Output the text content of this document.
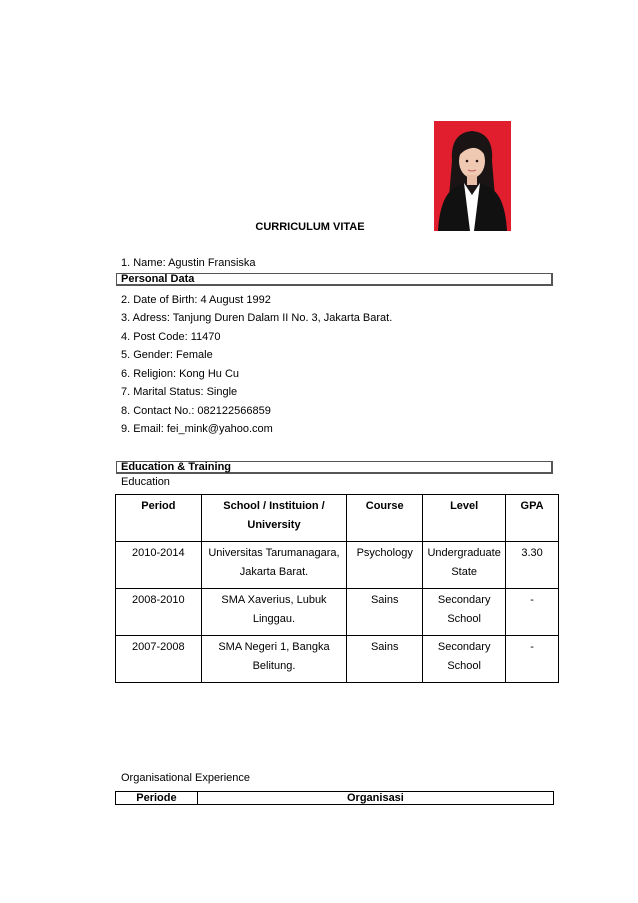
CURRICULUM VITAE
1. Name: Agustin Fransiska
Personal Data
2. Date of Birth: 4 August 1992
3. Adress: Tanjung Duren Dalam II No. 3, Jakarta Barat.
4. Post Code: 11470
5. Gender: Female
6. Religion: Kong Hu Cu
7. Marital Status: Single
8. Contact No.: 082122566859
9. Email: fei_mink@yahoo.com
Education & Training
Education
Period	School / Instituion / University	Course	Level	GPA
2010-2014	Universitas Tarumanagara, Jakarta Barat.	Psychology	Undergraduate State	3.30
2008-2010	SMA Xaverius, Lubuk Linggau.	Sains	Secondary School	-
2007-2008	SMA Negeri 1, Bangka Belitung.	Sains	Secondary School	-
Organisational Experience
Periode	Organisasi
